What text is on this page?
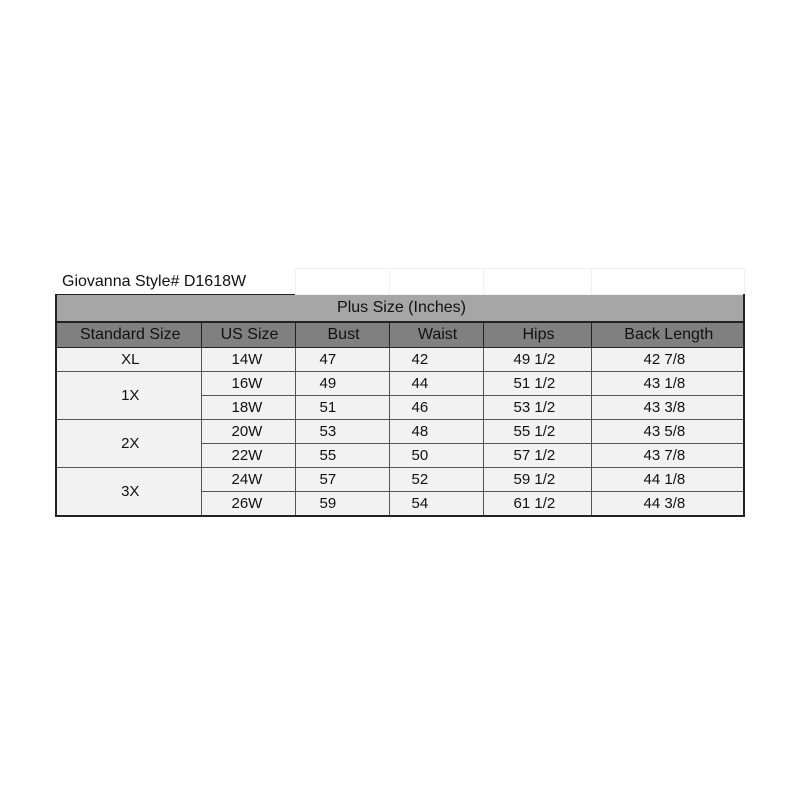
Giovanna Style# D1618W					
Plus Size (Inches)					
Standard Size	US Size	Bust	Waist	Hips	Back Length
XL	14W	47	42	49 1/2	42 7/8
1X	16W	49	44	51 1/2	43 1/8
	18W	51	46	53 1/2	43 3/8
2X	20W	53	48	55 1/2	43 5/8
	22W	55	50	57 1/2	43 7/8
3X	24W	57	52	59 1/2	44 1/8
	26W	59	54	61 1/2	44 3/8
